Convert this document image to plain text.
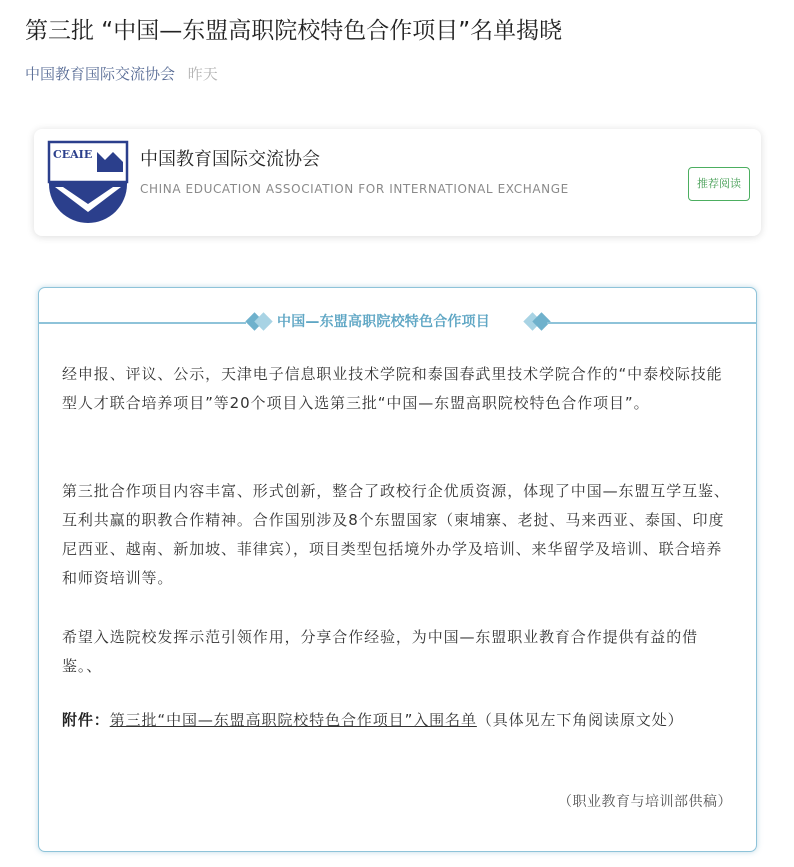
第三批 “中国—东盟高职院校特色合作项目”名单揭晓
中国教育国际交流协会 昨天
CEAIE	中国教育国际交流协会
CHINA EDUCATION ASSOCIATION FOR INTERNATIONAL EXCHANGE	推荐阅读
中国—东盟高职院校特色合作项目
经申报、评议、公示，天津电子信息职业技术学院和泰国春武里技术学院合作的“中泰校际技能型人才联合培养项目”等20个项目入选第三批“中国—东盟高职院校特色合作项目”。
第三批合作项目内容丰富、形式创新，整合了政校行企优质资源，体现了中国—东盟互学互鉴、互利共赢的职教合作精神。合作国别涉及8个东盟国家（柬埔寨、老挝、马来西亚、泰国、印度尼西亚、越南、新加坡、菲律宾），项目类型包括境外办学及培训、来华留学及培训、联合培养和师资培训等。
希望入选院校发挥示范引领作用，分享合作经验，为中国—东盟职业教育合作提供有益的借鉴。、
附件：第三批“中国—东盟高职院校特色合作项目”入围名单（具体见左下角阅读原文处）
（职业教育与培训部供稿）
